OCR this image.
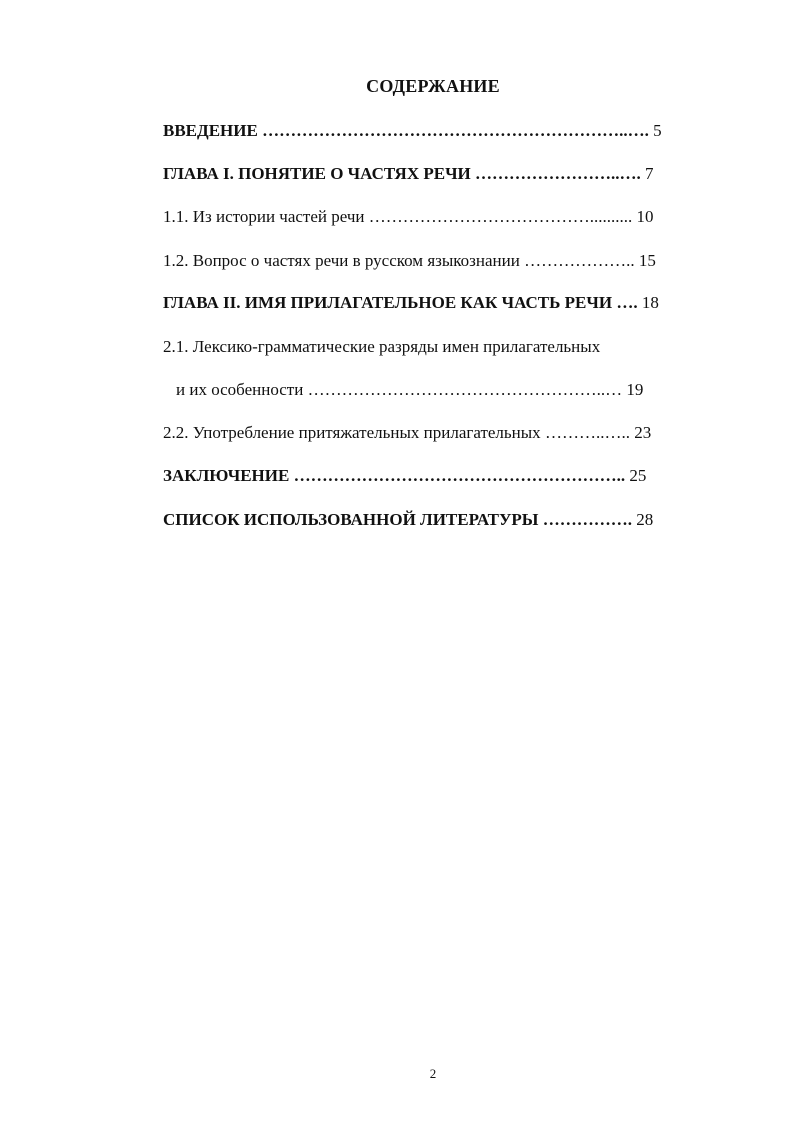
СОДЕРЖАНИЕ
ВВЕДЕНИЕ ………………………………………………………..…. 5
ГЛАВА I. ПОНЯТИЕ О ЧАСТЯХ РЕЧИ ……………………..…. 7
1.1. Из истории частей речи ………………………………….......... 10
1.2. Вопрос о частях речи в русском языкознании ……………….. 15
ГЛАВА II. ИМЯ ПРИЛАГАТЕЛЬНОЕ КАК ЧАСТЬ РЕЧИ …. 18
2.1. Лексико-грамматические разряды имен прилагательных
и их особенности ……………………………………………..… 19
2.2. Употребление притяжательных прилагательных ………..….. 23
ЗАКЛЮЧЕНИЕ ………………………………………………….. 25
СПИСОК ИСПОЛЬЗОВАННОЙ ЛИТЕРАТУРЫ ……………. 28
2
